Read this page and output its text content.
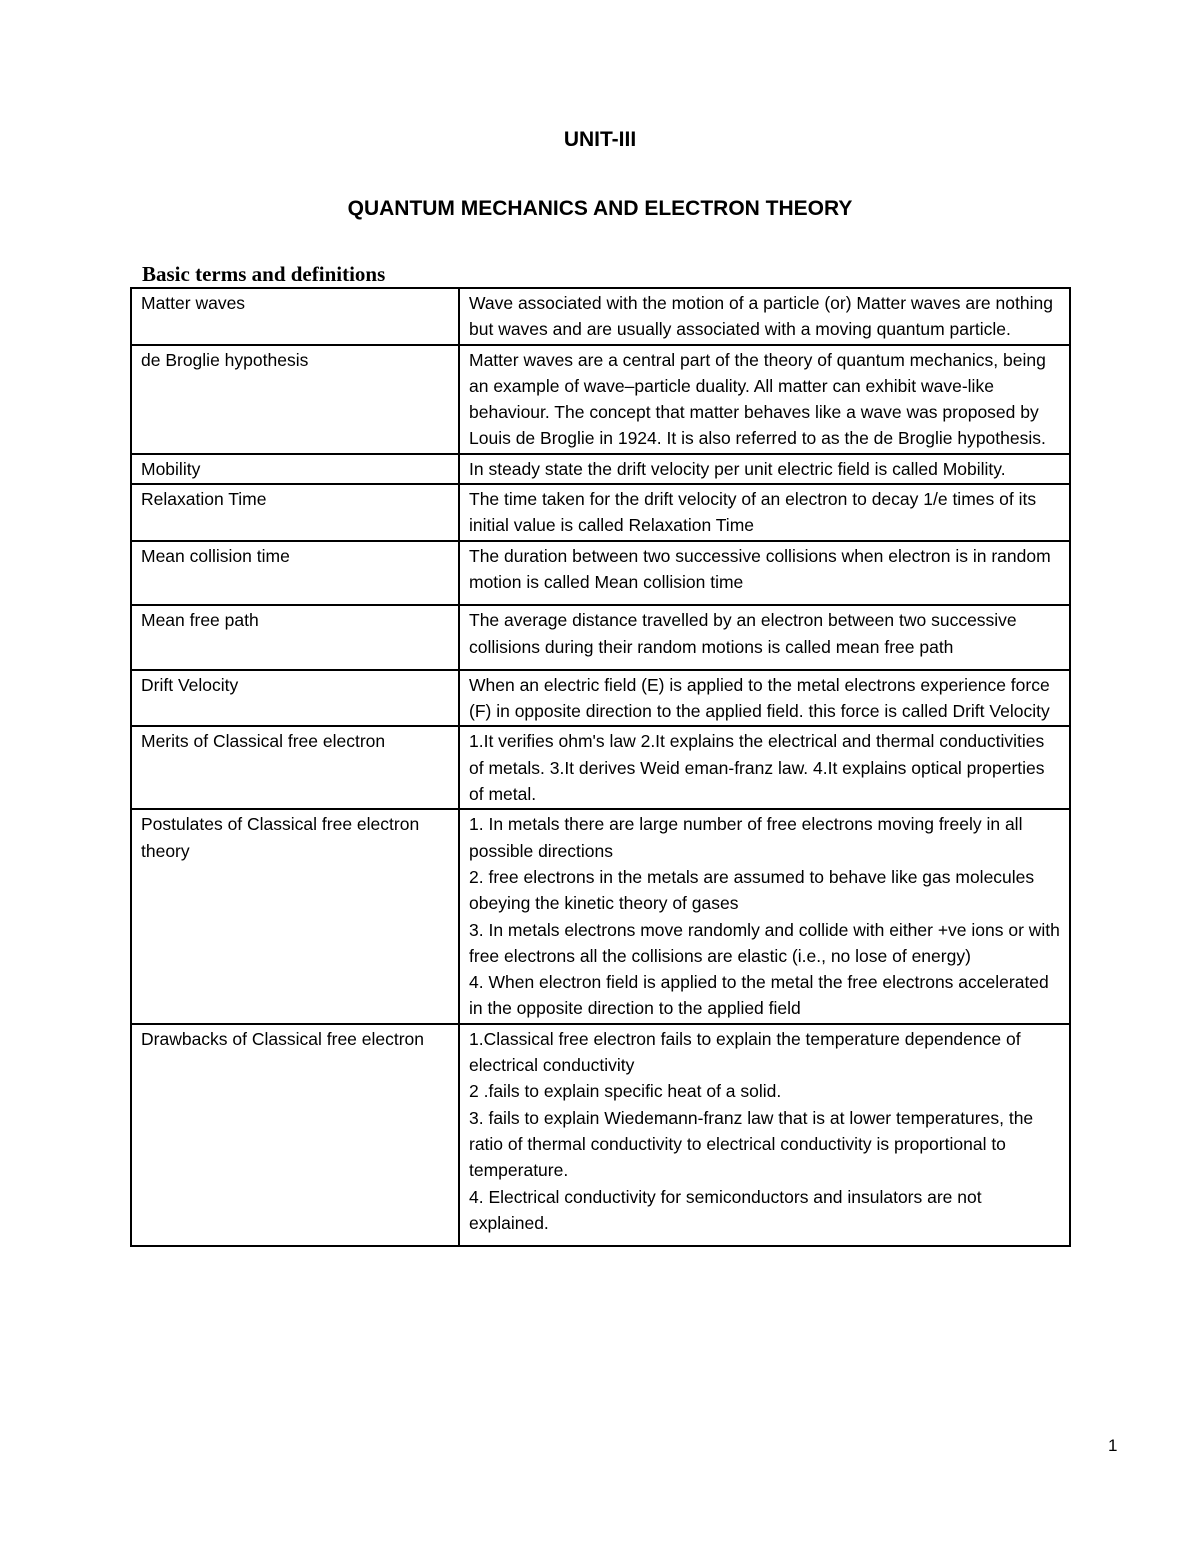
UNIT-III
QUANTUM MECHANICS AND ELECTRON THEORY
Basic terms and definitions
Matter waves	Wave associated with the motion of a particle (or) Matter waves are nothing but waves and are usually associated with a moving quantum particle.
de Broglie hypothesis	Matter waves are a central part of the theory of quantum mechanics, being an example of wave–particle duality. All matter can exhibit wave-like behaviour. The concept that matter behaves like a wave was proposed by Louis de Broglie in 1924. It is also referred to as the de Broglie hypothesis.
Mobility	In steady state the drift velocity per unit electric field is called Mobility.
Relaxation Time	The time taken for the drift velocity of an electron to decay 1/e times of its initial value is called Relaxation Time
Mean collision time	The duration between two successive collisions when electron is in random motion is called Mean collision time
Mean free path	The average distance travelled by an electron between two successive collisions during their random motions is called mean free path
Drift Velocity	When an electric field (E) is applied to the metal electrons experience force (F) in opposite direction to the applied field. this force is called Drift Velocity
Merits of Classical free electron	1.It verifies ohm's law 2.It explains the electrical and thermal conductivities of metals. 3.It derives Weid eman-franz law. 4.It explains optical properties of metal.
Postulates of Classical free electron theory	1. In metals there are large number of free electrons moving freely in all possible directions
2. free electrons in the metals are assumed to behave like gas molecules obeying the kinetic theory of gases
3. In metals electrons move randomly and collide with either +ve ions or with free electrons all the collisions are elastic (i.e., no lose of energy)
4. When electron field is applied to the metal the free electrons accelerated in the opposite direction to the applied field

Drawbacks of Classical free electron	1.Classical free electron fails to explain the temperature dependence of electrical conductivity
2 .fails to explain specific heat of a solid.
3. fails to explain Wiedemann-franz law that is at lower temperatures, the ratio of thermal conductivity to electrical conductivity is proportional to temperature.
4. Electrical conductivity for semiconductors and insulators are not explained.
1
